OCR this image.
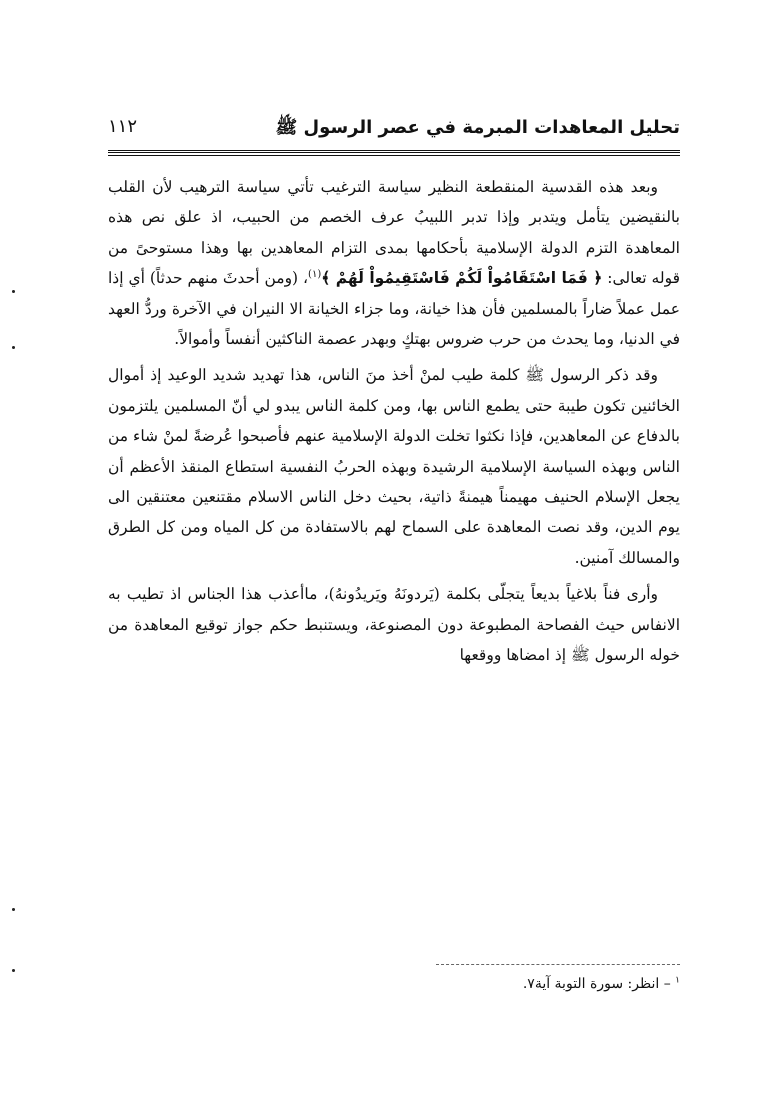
تحليل المعاهدات المبرمة في عصر الرسول ﷺ
١١٢

وبعد هذه القدسية المنقطعة النظير سياسة الترغيب تأتي سياسة الترهيب لأن القلب بالنقيضين يتأمل ويتدبر وإذا تدبر اللبيبُ عرف الخصم من الحبيب، اذ علق نص هذه المعاهدة التزم الدولة الإسلامية بأحكامها بمدى التزام المعاهدين بها وهذا مستوحىً من قوله تعالى: ﴿ فَمَا اسْتَقَامُواْ لَكُمْ فَاسْتَقِيمُواْ لَهُمْ ﴾$^{(١)}$، (ومن أحدثَ منهم حدثاً) أي إذا عمل عملاً ضاراً بالمسلمين فأن هذا خيانة، وما جزاء الخيانة الا النيران في الآخرة وردُّ العهد في الدنيا، وما يحدث من حرب ضروس بهتكٍ وبهدر عصمة الناكثين أنفساً وأموالاً.

وقد ذكر الرسول ﷺ كلمة طيب لمنْ أخذ منَ الناس، هذا تهديد شديد الوعيد إذ أموال الخائنين تكون طيبة حتى يطمع الناس بها، ومن كلمة الناس يبدو لي أنّ المسلمين يلتزمون بالدفاع عن المعاهدين، فإذا نكثوا تخلت الدولة الإسلامية عنهم فأصبحوا عُرضةً لمنْ شاء من الناس وبهذه السياسة الإسلامية الرشيدة وبهذه الحربُ النفسية استطاع المنقذ الأعظم أن يجعل الإسلام الحنيف مهيمناً هيمنةً ذاتية، بحيث دخل الناس الاسلام مقتنعين معتنقين الى يوم الدين، وقد نصت المعاهدة على السماح لهم بالاستفادة من كل المياه ومن كل الطرق والمسالك آمنين.

وأرى فناً بلاغياً بديعاً يتجلّى بكلمة (يَردونَهُ ويَريدُونهُ)، ماأعذب هذا الجناس اذ تطيب به الانفاس حيث الفصاحة المطبوعة دون المصنوعة، ويستنبط حكم جواز توقيع المعاهدة من خوله الرسول ﷺ إذ امضاها ووقعها

$^١$ – انظر: سورة التوبة آية٧.
